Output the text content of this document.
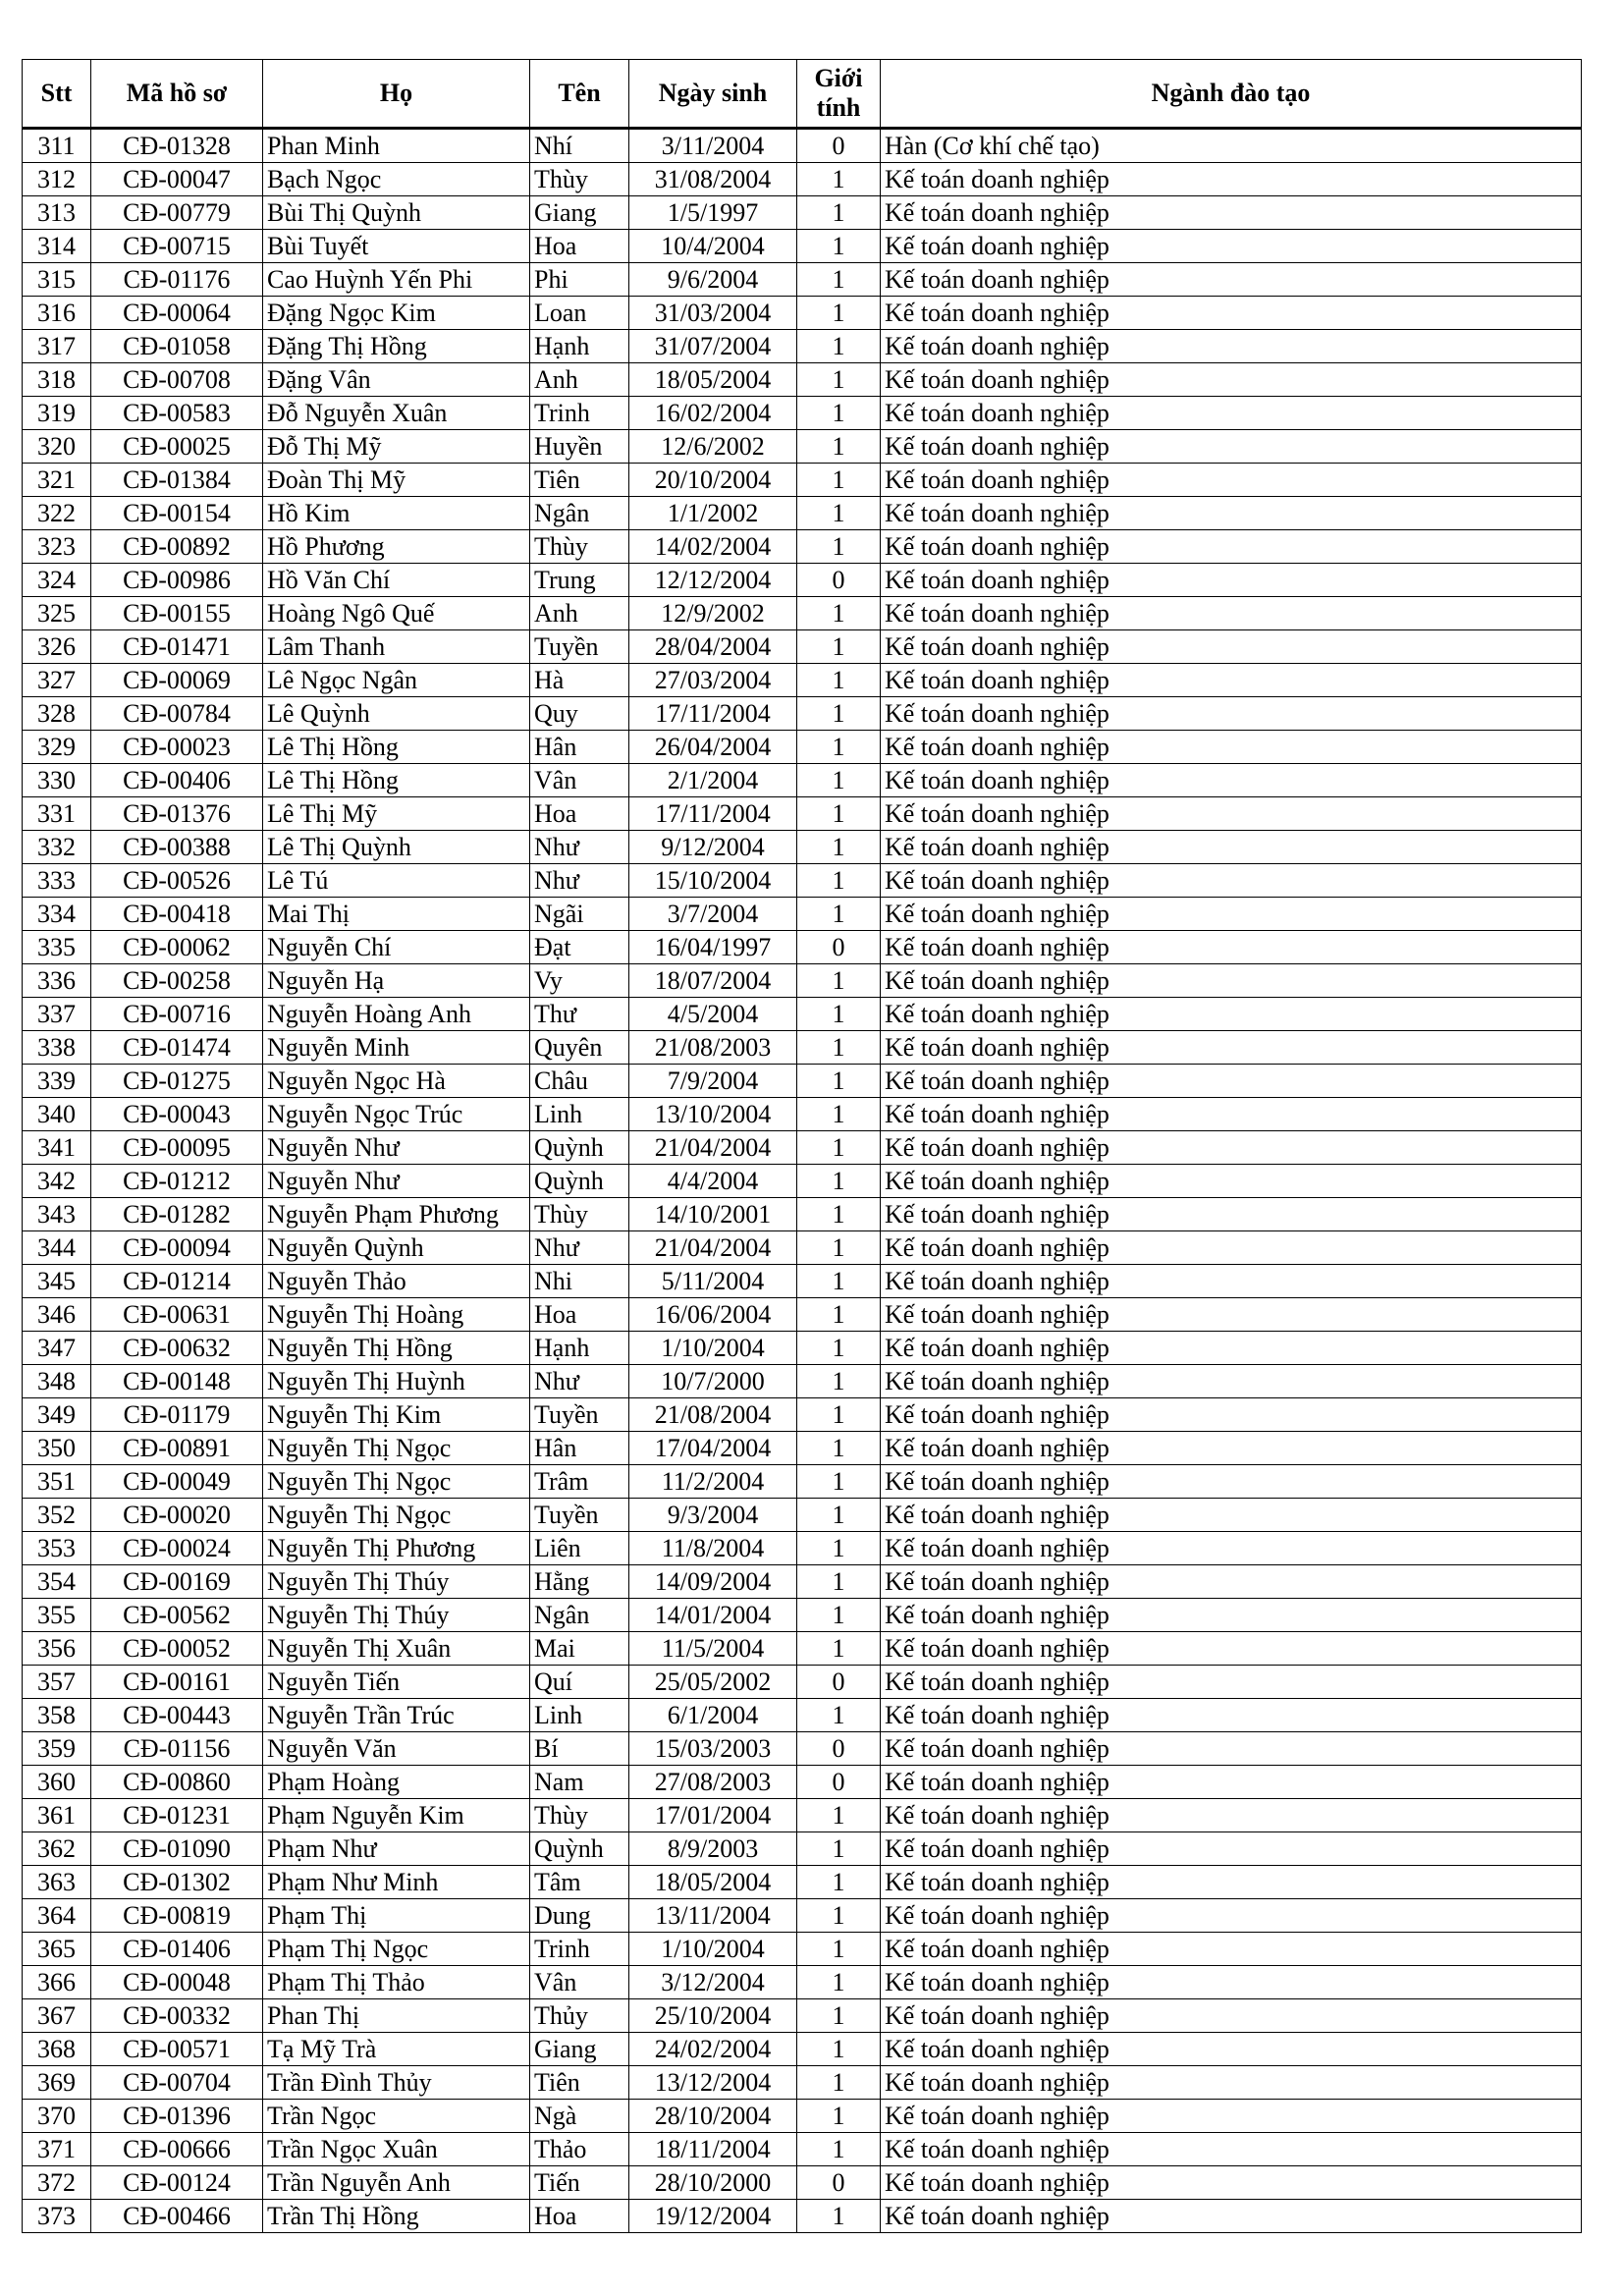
Stt	Mã hồ sơ	Họ	Tên	Ngày sinh	Giới tính	Ngành đào tạo
311	CĐ-01328	Phan Minh	Nhí	3/11/2004	0	Hàn (Cơ khí chế tạo)
312	CĐ-00047	Bạch Ngọc	Thùy	31/08/2004	1	Kế toán doanh nghiệp
313	CĐ-00779	Bùi Thị Quỳnh	Giang	1/5/1997	1	Kế toán doanh nghiệp
314	CĐ-00715	Bùi Tuyết	Hoa	10/4/2004	1	Kế toán doanh nghiệp
315	CĐ-01176	Cao Huỳnh Yến Phi	Phi	9/6/2004	1	Kế toán doanh nghiệp
316	CĐ-00064	Đặng Ngọc Kim	Loan	31/03/2004	1	Kế toán doanh nghiệp
317	CĐ-01058	Đặng Thị Hồng	Hạnh	31/07/2004	1	Kế toán doanh nghiệp
318	CĐ-00708	Đặng Vân	Anh	18/05/2004	1	Kế toán doanh nghiệp
319	CĐ-00583	Đỗ Nguyễn Xuân	Trinh	16/02/2004	1	Kế toán doanh nghiệp
320	CĐ-00025	Đỗ Thị Mỹ	Huyền	12/6/2002	1	Kế toán doanh nghiệp
321	CĐ-01384	Đoàn Thị Mỹ	Tiên	20/10/2004	1	Kế toán doanh nghiệp
322	CĐ-00154	Hồ Kim	Ngân	1/1/2002	1	Kế toán doanh nghiệp
323	CĐ-00892	Hồ Phương	Thùy	14/02/2004	1	Kế toán doanh nghiệp
324	CĐ-00986	Hồ Văn Chí	Trung	12/12/2004	0	Kế toán doanh nghiệp
325	CĐ-00155	Hoàng Ngô Quế	Anh	12/9/2002	1	Kế toán doanh nghiệp
326	CĐ-01471	Lâm Thanh	Tuyền	28/04/2004	1	Kế toán doanh nghiệp
327	CĐ-00069	Lê Ngọc Ngân	Hà	27/03/2004	1	Kế toán doanh nghiệp
328	CĐ-00784	Lê Quỳnh	Quy	17/11/2004	1	Kế toán doanh nghiệp
329	CĐ-00023	Lê Thị Hồng	Hân	26/04/2004	1	Kế toán doanh nghiệp
330	CĐ-00406	Lê Thị Hồng	Vân	2/1/2004	1	Kế toán doanh nghiệp
331	CĐ-01376	Lê Thị Mỹ	Hoa	17/11/2004	1	Kế toán doanh nghiệp
332	CĐ-00388	Lê Thị Quỳnh	Như	9/12/2004	1	Kế toán doanh nghiệp
333	CĐ-00526	Lê Tú	Như	15/10/2004	1	Kế toán doanh nghiệp
334	CĐ-00418	Mai Thị	Ngãi	3/7/2004	1	Kế toán doanh nghiệp
335	CĐ-00062	Nguyễn Chí	Đạt	16/04/1997	0	Kế toán doanh nghiệp
336	CĐ-00258	Nguyễn Hạ	Vy	18/07/2004	1	Kế toán doanh nghiệp
337	CĐ-00716	Nguyễn Hoàng Anh	Thư	4/5/2004	1	Kế toán doanh nghiệp
338	CĐ-01474	Nguyễn Minh	Quyên	21/08/2003	1	Kế toán doanh nghiệp
339	CĐ-01275	Nguyễn Ngọc Hà	Châu	7/9/2004	1	Kế toán doanh nghiệp
340	CĐ-00043	Nguyễn Ngọc Trúc	Linh	13/10/2004	1	Kế toán doanh nghiệp
341	CĐ-00095	Nguyễn Như	Quỳnh	21/04/2004	1	Kế toán doanh nghiệp
342	CĐ-01212	Nguyễn Như	Quỳnh	4/4/2004	1	Kế toán doanh nghiệp
343	CĐ-01282	Nguyễn Phạm Phương	Thùy	14/10/2001	1	Kế toán doanh nghiệp
344	CĐ-00094	Nguyễn Quỳnh	Như	21/04/2004	1	Kế toán doanh nghiệp
345	CĐ-01214	Nguyễn Thảo	Nhi	5/11/2004	1	Kế toán doanh nghiệp
346	CĐ-00631	Nguyễn Thị Hoàng	Hoa	16/06/2004	1	Kế toán doanh nghiệp
347	CĐ-00632	Nguyễn Thị Hồng	Hạnh	1/10/2004	1	Kế toán doanh nghiệp
348	CĐ-00148	Nguyễn Thị Huỳnh	Như	10/7/2000	1	Kế toán doanh nghiệp
349	CĐ-01179	Nguyễn Thị Kim	Tuyền	21/08/2004	1	Kế toán doanh nghiệp
350	CĐ-00891	Nguyễn Thị Ngọc	Hân	17/04/2004	1	Kế toán doanh nghiệp
351	CĐ-00049	Nguyễn Thị Ngọc	Trâm	11/2/2004	1	Kế toán doanh nghiệp
352	CĐ-00020	Nguyễn Thị Ngọc	Tuyền	9/3/2004	1	Kế toán doanh nghiệp
353	CĐ-00024	Nguyễn Thị Phương	Liên	11/8/2004	1	Kế toán doanh nghiệp
354	CĐ-00169	Nguyễn Thị Thúy	Hằng	14/09/2004	1	Kế toán doanh nghiệp
355	CĐ-00562	Nguyễn Thị Thúy	Ngân	14/01/2004	1	Kế toán doanh nghiệp
356	CĐ-00052	Nguyễn Thị Xuân	Mai	11/5/2004	1	Kế toán doanh nghiệp
357	CĐ-00161	Nguyễn Tiến	Quí	25/05/2002	0	Kế toán doanh nghiệp
358	CĐ-00443	Nguyễn Trần Trúc	Linh	6/1/2004	1	Kế toán doanh nghiệp
359	CĐ-01156	Nguyễn Văn	Bí	15/03/2003	0	Kế toán doanh nghiệp
360	CĐ-00860	Phạm Hoàng	Nam	27/08/2003	0	Kế toán doanh nghiệp
361	CĐ-01231	Phạm Nguyễn Kim	Thùy	17/01/2004	1	Kế toán doanh nghiệp
362	CĐ-01090	Phạm Như	Quỳnh	8/9/2003	1	Kế toán doanh nghiệp
363	CĐ-01302	Phạm Như Minh	Tâm	18/05/2004	1	Kế toán doanh nghiệp
364	CĐ-00819	Phạm Thị	Dung	13/11/2004	1	Kế toán doanh nghiệp
365	CĐ-01406	Phạm Thị Ngọc	Trinh	1/10/2004	1	Kế toán doanh nghiệp
366	CĐ-00048	Phạm Thị Thảo	Vân	3/12/2004	1	Kế toán doanh nghiệp
367	CĐ-00332	Phan Thị	Thủy	25/10/2004	1	Kế toán doanh nghiệp
368	CĐ-00571	Tạ Mỹ Trà	Giang	24/02/2004	1	Kế toán doanh nghiệp
369	CĐ-00704	Trần Đình Thủy	Tiên	13/12/2004	1	Kế toán doanh nghiệp
370	CĐ-01396	Trần Ngọc	Ngà	28/10/2004	1	Kế toán doanh nghiệp
371	CĐ-00666	Trần Ngọc Xuân	Thảo	18/11/2004	1	Kế toán doanh nghiệp
372	CĐ-00124	Trần Nguyễn Anh	Tiến	28/10/2000	0	Kế toán doanh nghiệp
373	CĐ-00466	Trần Thị Hồng	Hoa	19/12/2004	1	Kế toán doanh nghiệp
